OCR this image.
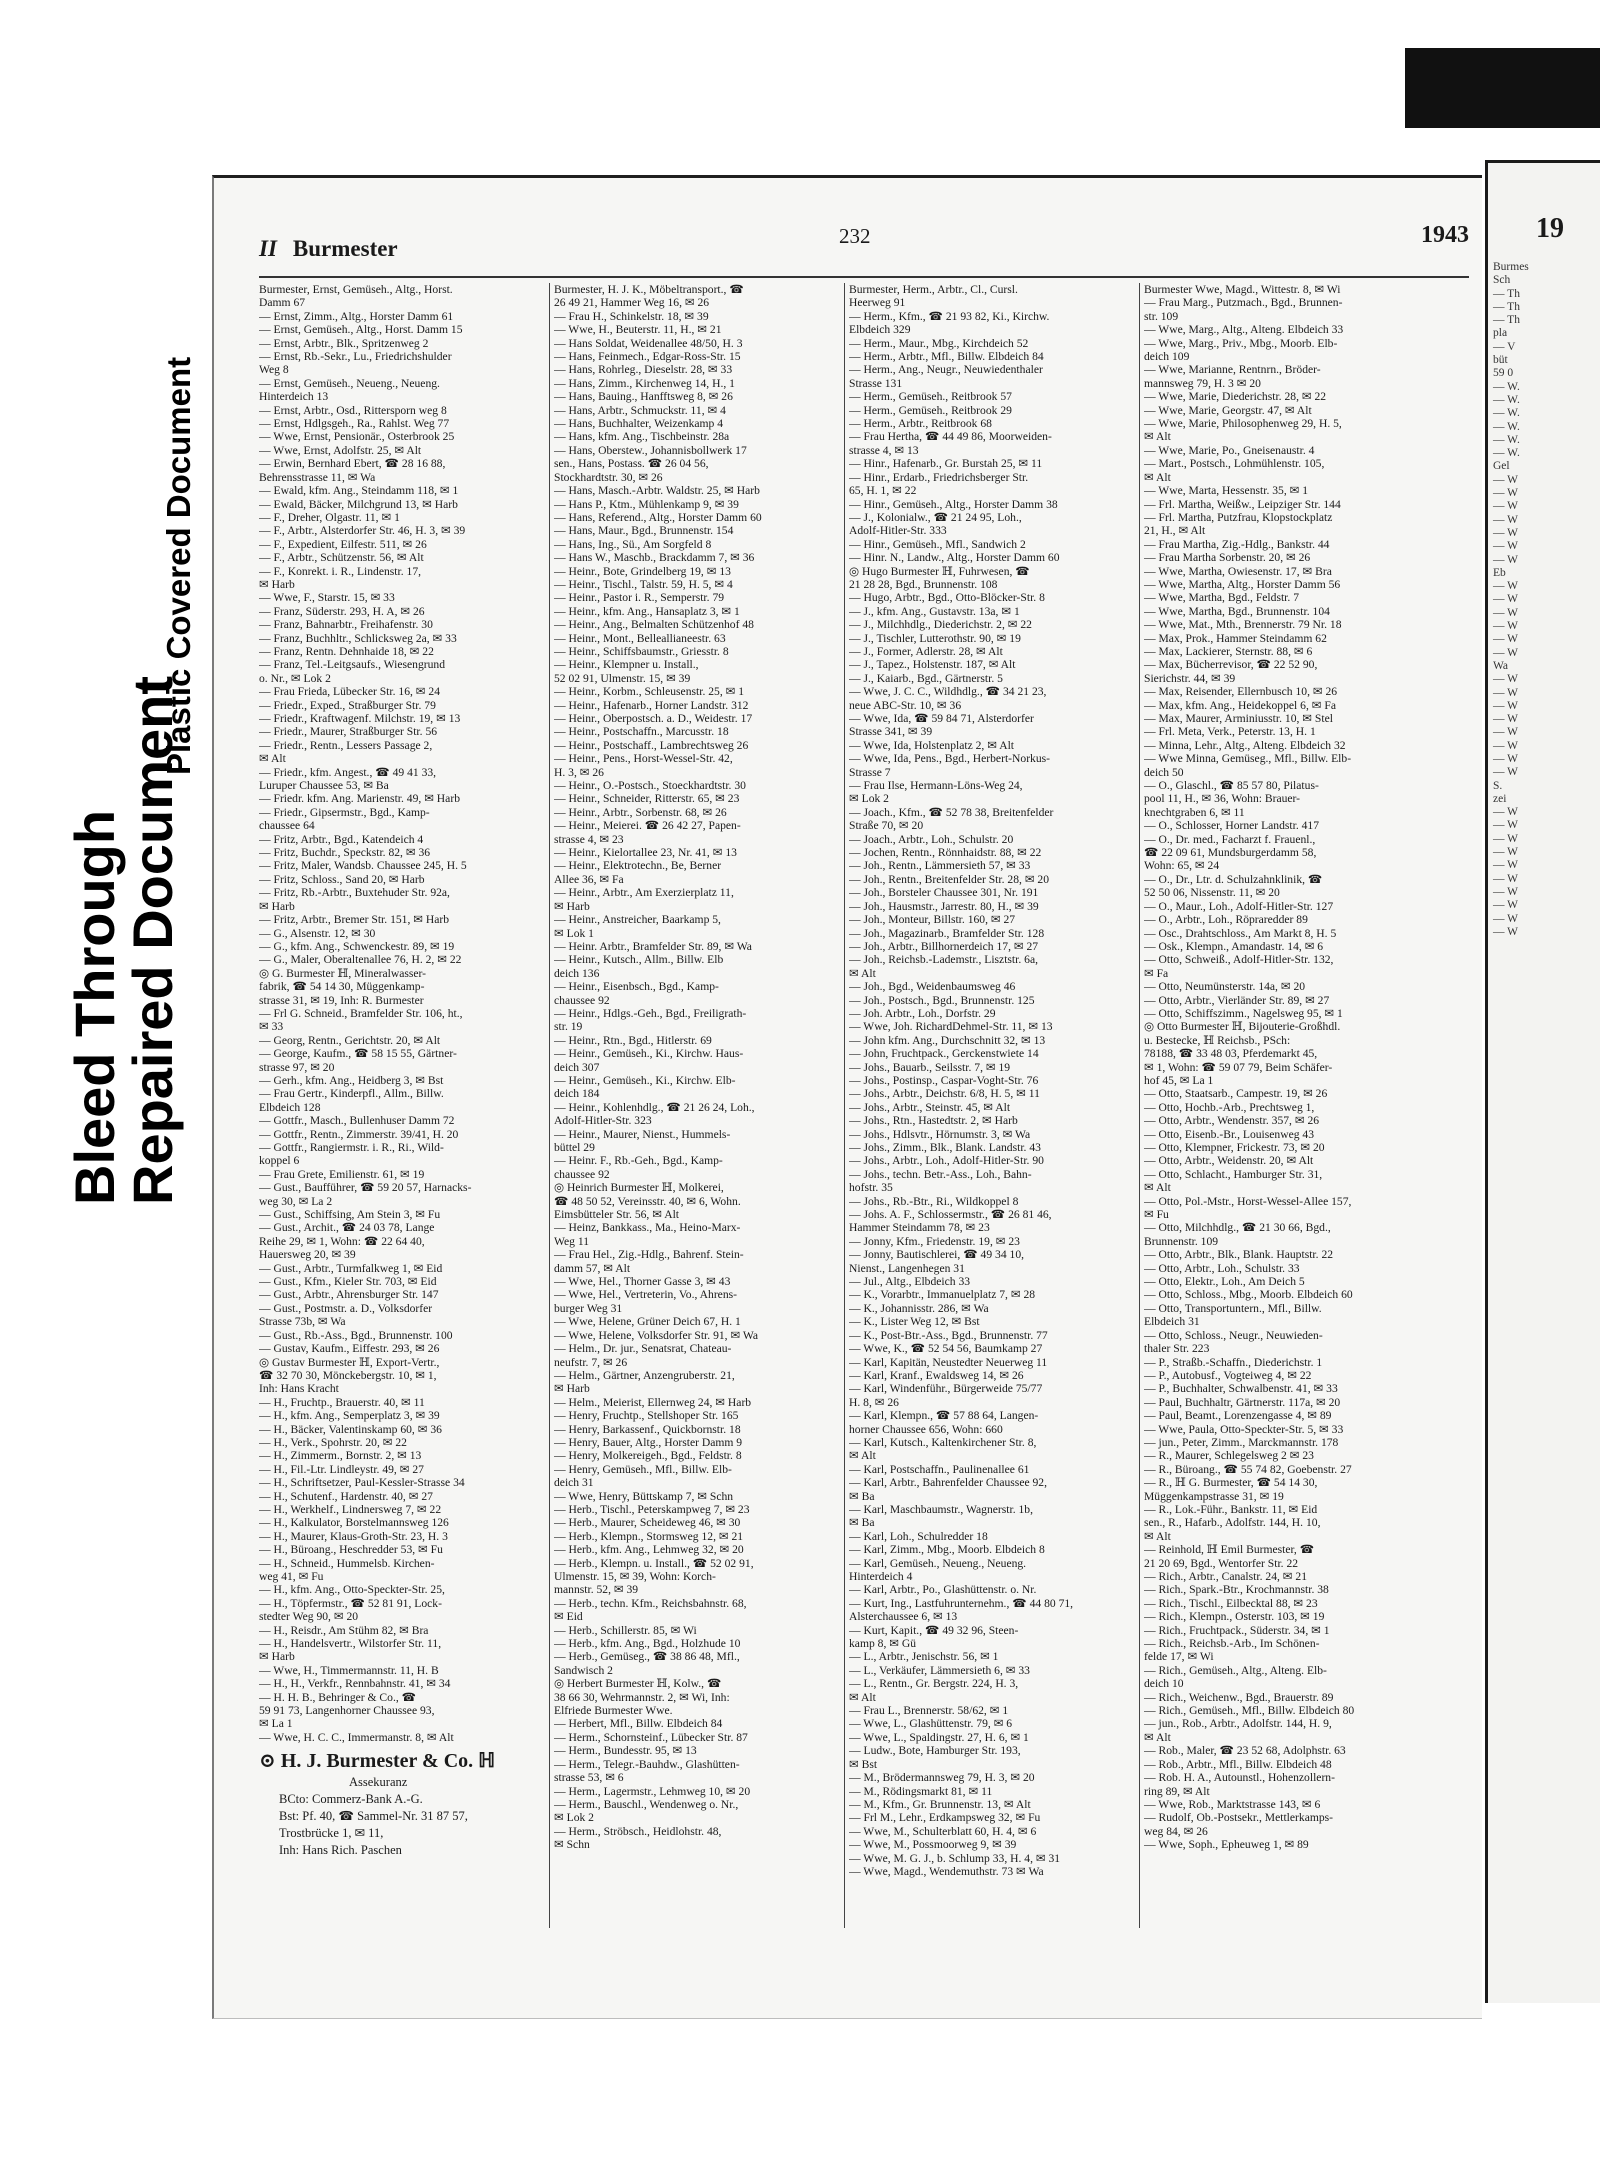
Bleed Through
Repaired Document
Plastic Covered Document
II Burmester	232	1943
Burmester, Ernst, Gemüseh., Altg., Horst.
Damm 67
— Ernst, Zimm., Altg., Horster Damm 61
— Ernst, Gemüseh., Altg., Horst. Damm 15
— Ernst, Arbtr., Blk., Spritzenweg 2
— Ernst, Rb.-Sekr., Lu., Friedrichshulder
Weg 8
— Ernst, Gemüseh., Neueng., Neueng.
Hinterdeich 13
— Ernst, Arbtr., Osd., Rittersporn weg 8
— Ernst, Hdlgsgeh., Ra., Rahlst. Weg 77
— Wwe, Ernst, Pensionär., Osterbrook 25
— Wwe, Ernst, Adolfstr. 25, ✉ Alt
— Erwin, Bernhard Ebert, ☎ 28 16 88,
Behrensstrasse 11, ✉ Wa
— Ewald, kfm. Ang., Steindamm 118, ✉ 1
— Ewald, Bäcker, Milchgrund 13, ✉ Harb
— F., Dreher, Olgastr. 11, ✉ 1
— F., Arbtr., Alsterdorfer Str. 46, H. 3, ✉ 39
— F., Expedient, Eilfestr. 511, ✉ 26
— F., Arbtr., Schützenstr. 56, ✉ Alt
— F., Konrekt. i. R., Lindenstr. 17,
✉ Harb
— Wwe, F., Starstr. 15, ✉ 33
— Franz, Süderstr. 293, H. A, ✉ 26
— Franz, Bahnarbtr., Freihafenstr. 30
— Franz, Buchhltr., Schlicksweg 2a, ✉ 33
— Franz, Rentn. Dehnhaide 18, ✉ 22
— Franz, Tel.-Leitgsaufs., Wiesengrund
o. Nr., ✉ Lok 2
— Frau Frieda, Lübecker Str. 16, ✉ 24
— Friedr., Exped., Straßburger Str. 79
— Friedr., Kraftwagenf. Milchstr. 19, ✉ 13
— Friedr., Maurer, Straßburger Str. 56
— Friedr., Rentn., Lessers Passage 2,
✉ Alt
— Friedr., kfm. Angest., ☎ 49 41 33,
Luruper Chaussee 53, ✉ Ba
— Friedr. kfm. Ang. Marienstr. 49, ✉ Harb
— Friedr., Gipsermstr., Bgd., Kamp-
chaussee 64
— Fritz, Arbtr., Bgd., Katendeich 4
— Fritz, Buchdr., Speckstr. 82, ✉ 36
— Fritz, Maler, Wandsb. Chaussee 245, H. 5
— Fritz, Schloss., Sand 20, ✉ Harb
— Fritz, Rb.-Arbtr., Buxtehuder Str. 92a,
✉ Harb
— Fritz, Arbtr., Bremer Str. 151, ✉ Harb
— G., Alsenstr. 12, ✉ 30
— G., kfm. Ang., Schwenckestr. 89, ✉ 19
— G., Maler, Oberaltenallee 76, H. 2, ✉ 22
◎ G. Burmester ℍ, Mineralwasser-
fabrik, ☎ 54 14 30, Müggenkamp-
strasse 31, ✉ 19, Inh: R. Burmester
— Frl G. Schneid., Bramfelder Str. 106, ht.,
✉ 33
— Georg, Rentn., Gerichtstr. 20, ✉ Alt
— George, Kaufm., ☎ 58 15 55, Gärtner-
strasse 97, ✉ 20
— Gerh., kfm. Ang., Heidberg 3, ✉ Bst
— Frau Gertr., Kinderpfl., Allm., Billw.
Elbdeich 128
— Gottfr., Masch., Bullenhuser Damm 72
— Gottfr., Rentn., Zimmerstr. 39/41, H. 20
— Gottfr., Rangiermstr. i. R., Ri., Wild-
koppel 6
— Frau Grete, Emilienstr. 61, ✉ 19
— Gust., Baufführer, ☎ 59 20 57, Harnacks-
weg 30, ✉ La 2
— Gust., Schiffsing, Am Stein 3, ✉ Fu
— Gust., Archit., ☎ 24 03 78, Lange
Reihe 29, ✉ 1, Wohn: ☎ 22 64 40,
Hauersweg 20, ✉ 39
— Gust., Arbtr., Turmfalkweg 1, ✉ Eid
— Gust., Kfm., Kieler Str. 703, ✉ Eid
— Gust., Arbtr., Ahrensburger Str. 147
— Gust., Postmstr. a. D., Volksdorfer
Strasse 73b, ✉ Wa
— Gust., Rb.-Ass., Bgd., Brunnenstr. 100
— Gustav, Kaufm., Eiffestr. 293, ✉ 26
◎ Gustav Burmester ℍ, Export-Vertr.,
☎ 32 70 30, Mönckebergstr. 10, ✉ 1,
Inh: Hans Kracht
— H., Fruchtp., Brauerstr. 40, ✉ 11
— H., kfm. Ang., Semperplatz 3, ✉ 39
— H., Bäcker, Valentinskamp 60, ✉ 36
— H., Verk., Spohrstr. 20, ✉ 22
— H., Zimmerm., Bornstr. 2, ✉ 13
— H., Fil.-Ltr. Lindleystr. 49, ✉ 27
— H., Schriftsetzer, Paul-Kessler-Strasse 34
— H., Schutenf., Hardenstr. 40, ✉ 27
— H., Werkhelf., Lindnersweg 7, ✉ 22
— H., Kalkulator, Borstelmannsweg 126
— H., Maurer, Klaus-Groth-Str. 23, H. 3
— H., Büroang., Heschredder 53, ✉ Fu
— H., Schneid., Hummelsb. Kirchen-
weg 41, ✉ Fu
— H., kfm. Ang., Otto-Speckter-Str. 25,
— H., Töpfermstr., ☎ 52 81 91, Lock-
stedter Weg 90, ✉ 20
— H., Reisdr., Am Stühm 82, ✉ Bra
— H., Handelsvertr., Wilstorfer Str. 11,
✉ Harb
— Wwe, H., Timmermannstr. 11, H. B
— H., H., Verkfr., Rennbahnstr. 41, ✉ 34
— H. H. B., Behringer & Co., ☎
59 91 73, Langenhorner Chaussee 93,
✉ La 1
— Wwe, H. C. C., Immermanstr. 8, ✉ Alt
⊙ H. J. Burmester & Co. ℍ
Assekuranz
BCto: Commerz-Bank A.-G.
Bst: Pf. 40, ☎ Sammel-Nr. 31 87 57,
Trostbrücke 1, ✉ 11,
Inh: Hans Rich. Paschen
Burmester, H. J. K., Möbeltransport., ☎
26 49 21, Hammer Weg 16, ✉ 26
— Frau H., Schinkelstr. 18, ✉ 39
— Wwe, H., Beuterstr. 11, H., ✉ 21
— Hans Soldat, Weidenallee 48/50, H. 3
— Hans, Feinmech., Edgar-Ross-Str. 15
— Hans, Rohrleg., Dieselstr. 28, ✉ 33
— Hans, Zimm., Kirchenweg 14, H., 1
— Hans, Bauing., Hanfftsweg 8, ✉ 26
— Hans, Arbtr., Schmuckstr. 11, ✉ 4
— Hans, Buchhalter, Weizenkamp 4
— Hans, kfm. Ang., Tischbeinstr. 28a
— Hans, Oberstew., Johannisbollwerk 17
sen., Hans, Postass. ☎ 26 04 56,
Stockhardtstr. 30, ✉ 26
— Hans, Masch.-Arbtr. Waldstr. 25, ✉ Harb
— Hans P., Ktm., Mühlenkamp 9, ✉ 39
— Hans, Referend., Altg., Horster Damm 60
— Hans, Maur., Bgd., Brunnenstr. 154
— Hans, Ing., Sü., Am Sorgfeld 8
— Hans W., Maschb., Brackdamm 7, ✉ 36
— Heinr., Bote, Grindelberg 19, ✉ 13
— Heinr., Tischl., Talstr. 59, H. 5, ✉ 4
— Heinr., Pastor i. R., Semperstr. 79
— Heinr., kfm. Ang., Hansaplatz 3, ✉ 1
— Heinr., Ang., Belmalten Schützenhof 48
— Heinr., Mont., Belleallianeestr. 63
— Heinr., Schiffsbaumstr., Griesstr. 8
— Heinr., Klempner u. Install.,
52 02 91, Ulmenstr. 15, ✉ 39
— Heinr., Korbm., Schleusenstr. 25, ✉ 1
— Heinr., Hafenarb., Horner Landstr. 312
— Heinr., Oberpostsch. a. D., Weidestr. 17
— Heinr., Postschaffn., Marcusstr. 18
— Heinr., Postschaff., Lambrechtsweg 26
— Heinr., Pens., Horst-Wessel-Str. 42,
H. 3, ✉ 26
— Heinr., O.-Postsch., Stoeckhardtstr. 30
— Heinr., Schneider, Ritterstr. 65, ✉ 23
— Heinr., Arbtr., Sorbenstr. 68, ✉ 26
— Heinr., Meierei. ☎ 26 42 27, Papen-
strasse 4, ✉ 23
— Heinr., Kielortallee 23, Nr. 41, ✉ 13
— Heinr., Elektrotechn., Be, Berner
Allee 36, ✉ Fa
— Heinr., Arbtr., Am Exerzierplatz 11,
✉ Harb
— Heinr., Anstreicher, Baarkamp 5,
✉ Lok 1
— Heinr. Arbtr., Bramfelder Str. 89, ✉ Wa
— Heinr., Kutsch., Allm., Billw. Elb
deich 136
— Heinr., Eisenbsch., Bgd., Kamp-
chaussee 92
— Heinr., Hdlgs.-Geh., Bgd., Freiligrath-
str. 19
— Heinr., Rtn., Bgd., Hitlerstr. 69
— Heinr., Gemüseh., Ki., Kirchw. Haus-
deich 307
— Heinr., Gemüseh., Ki., Kirchw. Elb-
deich 184
— Heinr., Kohlenhdlg., ☎ 21 26 24, Loh.,
Adolf-Hitler-Str. 323
— Heinr., Maurer, Nienst., Hummels-
büttel 29
— Heinr. F., Rb.-Geh., Bgd., Kamp-
chaussee 92
◎ Heinrich Burmester ℍ, Molkerei,
☎ 48 50 52, Vereinsstr. 40, ✉ 6, Wohn.
Eimsbütteler Str. 56, ✉ Alt
— Heinz, Bankkass., Ma., Heino-Marx-
Weg 11
— Frau Hel., Zig.-Hdlg., Bahrenf. Stein-
damm 57, ✉ Alt
— Wwe, Hel., Thorner Gasse 3, ✉ 43
— Wwe, Hel., Vertreterin, Vo., Ahrens-
burger Weg 31
— Wwe, Helene, Grüner Deich 67, H. 1
— Wwe, Helene, Volksdorfer Str. 91, ✉ Wa
— Helm., Dr. jur., Senatsrat, Chateau-
neufstr. 7, ✉ 26
— Helm., Gärtner, Anzengruberstr. 21,
✉ Harb
— Helm., Meierist, Ellernweg 24, ✉ Harb
— Henry, Fruchtp., Stellshoper Str. 165
— Henry, Barkassenf., Quickbornstr. 18
— Henry, Bauer, Altg., Horster Damm 9
— Henry, Molkereigeh., Bgd., Feldstr. 8
— Henry, Gemüseh., Mfl., Billw. Elb-
deich 31
— Wwe, Henry, Büttskamp 7, ✉ Schn
— Herb., Tischl., Peterskampweg 7, ✉ 23
— Herb., Maurer, Scheideweg 46, ✉ 30
— Herb., Klempn., Stormsweg 12, ✉ 21
— Herb., kfm. Ang., Lehmweg 32, ✉ 20
— Herb., Klempn. u. Install., ☎ 52 02 91,
Ulmenstr. 15, ✉ 39, Wohn: Korch-
mannstr. 52, ✉ 39
— Herb., techn. Kfm., Reichsbahnstr. 68,
✉ Eid
— Herb., Schillerstr. 85, ✉ Wi
— Herb., kfm. Ang., Bgd., Holzhude 10
— Herb., Gemüseg., ☎ 38 86 48, Mfl.,
Sandwisch 2
◎ Herbert Burmester ℍ, Kolw., ☎
38 66 30, Wehrmannstr. 2, ✉ Wi, Inh:
Elfriede Burmester Wwe.
— Herbert, Mfl., Billw. Elbdeich 84
— Herm., Schornsteinf., Lübecker Str. 87
— Herm., Bundesstr. 95, ✉ 13
— Herm., Telegr.-Bauhdw., Glashütten-
strasse 53, ✉ 6
— Herm., Lagermstr., Lehmweg 10, ✉ 20
— Herm., Bauschl., Wendenweg o. Nr.,
✉ Lok 2
— Herm., Ströbsch., Heidlohstr. 48,
✉ Schn
Burmester, Herm., Arbtr., Cl., Cursl.
Heerweg 91
— Herm., Kfm., ☎ 21 93 82, Ki., Kirchw.
Elbdeich 329
— Herm., Maur., Mbg., Kirchdeich 52
— Herm., Arbtr., Mfl., Billw. Elbdeich 84
— Herm., Ang., Neugr., Neuwiedenthaler
Strasse 131
— Herm., Gemüseh., Reitbrook 57
— Herm., Gemüseh., Reitbrook 29
— Herm., Arbtr., Reitbrook 68
— Frau Hertha, ☎ 44 49 86, Moorweiden-
strasse 4, ✉ 13
— Hinr., Hafenarb., Gr. Burstah 25, ✉ 11
— Hinr., Erdarb., Friedrichsberger Str.
65, H. 1, ✉ 22
— Hinr., Gemüseh., Altg., Horster Damm 38
— J., Kolonialw., ☎ 21 24 95, Loh.,
Adolf-Hitler-Str. 333
— Hinr., Gemüseh., Mfl., Sandwich 2
— Hinr. N., Landw., Altg., Horster Damm 60
◎ Hugo Burmester ℍ, Fuhrwesen, ☎
21 28 28, Bgd., Brunnenstr. 108
— Hugo, Arbtr., Bgd., Otto-Blöcker-Str. 8
— J., kfm. Ang., Gustavstr. 13a, ✉ 1
— J., Milchhdlg., Diederichstr. 2, ✉ 22
— J., Tischler, Lutterothstr. 90, ✉ 19
— J., Former, Adlerstr. 28, ✉ Alt
— J., Tapez., Holstenstr. 187, ✉ Alt
— J., Kaiarb., Bgd., Gärtnerstr. 5
— Wwe, J. C. C., Wildhdlg., ☎ 34 21 23,
neue ABC-Str. 10, ✉ 36
— Wwe, Ida, ☎ 59 84 71, Alsterdorfer
Strasse 341, ✉ 39
— Wwe, Ida, Holstenplatz 2, ✉ Alt
— Wwe, Ida, Pens., Bgd., Herbert-Norkus-
Strasse 7
— Frau Ilse, Hermann-Löns-Weg 24,
✉ Lok 2
— Joach., Kfm., ☎ 52 78 38, Breitenfelder
Straße 70, ✉ 20
— Joach., Arbtr., Loh., Schulstr. 20
— Jochen, Rentn., Rönnhaidstr. 88, ✉ 22
— Joh., Rentn., Lämmersieth 57, ✉ 33
— Joh., Rentn., Breitenfelder Str. 28, ✉ 20
— Joh., Borsteler Chaussee 301, Nr. 191
— Joh., Hausmstr., Jarrestr. 80, H., ✉ 39
— Joh., Monteur, Billstr. 160, ✉ 27
— Joh., Magazinarb., Bramfelder Str. 128
— Joh., Arbtr., Billhornerdeich 17, ✉ 27
— Joh., Reichsb.-Lademstr., Lisztstr. 6a,
✉ Alt
— Joh., Bgd., Weidenbaumsweg 46
— Joh., Postsch., Bgd., Brunnenstr. 125
— Joh. Arbtr., Loh., Dorfstr. 29
— Wwe, Joh. RichardDehmel-Str. 11, ✉ 13
— John kfm. Ang., Durchschnitt 32, ✉ 13
— John, Fruchtpack., Gerckenstwiete 14
— Johs., Bauarb., Seilsstr. 7, ✉ 19
— Johs., Postinsp., Caspar-Voght-Str. 76
— Johs., Arbtr., Deichstr. 6/8, H. 5, ✉ 11
— Johs., Arbtr., Steinstr. 45, ✉ Alt
— Johs., Rtn., Hastedtstr. 2, ✉ Harb
— Johs., Hdlsvtr., Hörnumstr. 3, ✉ Wa
— Johs., Zimm., Blk., Blank. Landstr. 43
— Johs., Arbtr., Loh., Adolf-Hitler-Str. 90
— Johs., techn. Betr.-Ass., Loh., Bahn-
hofstr. 35
— Johs., Rb.-Btr., Ri., Wildkoppel 8
— Johs. A. F., Schlossermstr., ☎ 26 81 46,
Hammer Steindamm 78, ✉ 23
— Jonny, Kfm., Friedenstr. 19, ✉ 23
— Jonny, Bautischlerei, ☎ 49 34 10,
Nienst., Langenhegen 31
— Jul., Altg., Elbdeich 33
— K., Vorarbtr., Immanuelplatz 7, ✉ 28
— K., Johannisstr. 286, ✉ Wa
— K., Lister Weg 12, ✉ Bst
— K., Post-Btr.-Ass., Bgd., Brunnenstr. 77
— Wwe, K., ☎ 52 54 56, Baumkamp 27
— Karl, Kapitän, Neustedter Neuerweg 11
— Karl, Kranf., Ewaldsweg 14, ✉ 26
— Karl, Windenführ., Bürgerweide 75/77
H. 8, ✉ 26
— Karl, Klempn., ☎ 57 88 64, Langen-
horner Chaussee 656, Wohn: 660
— Karl, Kutsch., Kaltenkirchener Str. 8,
✉ Alt
— Karl, Postschaffn., Paulinenallee 61
— Karl, Arbtr., Bahrenfelder Chaussee 92,
✉ Ba
— Karl, Maschbaumstr., Wagnerstr. 1b,
✉ Ba
— Karl, Loh., Schulredder 18
— Karl, Zimm., Mbg., Moorb. Elbdeich 8
— Karl, Gemüseh., Neueng., Neueng.
Hinterdeich 4
— Karl, Arbtr., Po., Glashüttenstr. o. Nr.
— Kurt, Ing., Lastfuhrunternehm., ☎ 44 80 71,
Alsterchaussee 6, ✉ 13
— Kurt, Kapit., ☎ 49 32 96, Steen-
kamp 8, ✉ Gü
— L., Arbtr., Jenischstr. 56, ✉ 1
— L., Verkäufer, Lämmersieth 6, ✉ 33
— L., Rentn., Gr. Bergstr. 224, H. 3,
✉ Alt
— Frau L., Brennerstr. 58/62, ✉ 1
— Wwe, L., Glashüttenstr. 79, ✉ 6
— Wwe, L., Spaldingstr. 27, H. 6, ✉ 1
— Ludw., Bote, Hamburger Str. 193,
✉ Bst
— M., Brödermannsweg 79, H. 3, ✉ 20
— M., Rödingsmarkt 81, ✉ 11
— M., Kfm., Gr. Brunnenstr. 13, ✉ Alt
— Frl M., Lehr., Erdkampsweg 32, ✉ Fu
— Wwe, M., Schulterblatt 60, H. 4, ✉ 6
— Wwe, M., Possmoorweg 9, ✉ 39
— Wwe, M. G. J., b. Schlump 33, H. 4, ✉ 31
— Wwe, Magd., Wendemuthstr. 73 ✉ Wa
Burmester Wwe, Magd., Wittestr. 8, ✉ Wi
— Frau Marg., Putzmach., Bgd., Brunnen-
str. 109
— Wwe, Marg., Altg., Alteng. Elbdeich 33
— Wwe, Marg., Priv., Mbg., Moorb. Elb-
deich 109
— Wwe, Marianne, Rentnrn., Bröder-
mannsweg 79, H. 3 ✉ 20
— Wwe, Marie, Diederichstr. 28, ✉ 22
— Wwe, Marie, Georgstr. 47, ✉ Alt
— Wwe, Marie, Philosophenweg 29, H. 5,
✉ Alt
— Wwe, Marie, Po., Gneisenaustr. 4
— Mart., Postsch., Lohmühlenstr. 105,
✉ Alt
— Wwe, Marta, Hessenstr. 35, ✉ 1
— Frl. Martha, Weißw., Leipziger Str. 144
— Frl. Martha, Putzfrau, Klopstockplatz
21, H., ✉ Alt
— Frau Martha, Zig.-Hdlg., Bankstr. 44
— Frau Martha Sorbenstr. 20, ✉ 26
— Wwe, Martha, Owiesenstr. 17, ✉ Bra
— Wwe, Martha, Altg., Horster Damm 56
— Wwe, Martha, Bgd., Feldstr. 7
— Wwe, Martha, Bgd., Brunnenstr. 104
— Wwe, Mat., Mth., Brennerstr. 79 Nr. 18
— Max, Prok., Hammer Steindamm 62
— Max, Lackierer, Sternstr. 88, ✉ 6
— Max, Bücherrevisor, ☎ 22 52 90,
Sierichstr. 44, ✉ 39
— Max, Reisender, Ellernbusch 10, ✉ 26
— Max, kfm. Ang., Heidekoppel 6, ✉ Fa
— Max, Maurer, Arminiusstr. 10, ✉ Stel
— Frl. Meta, Verk., Peterstr. 13, H. 1
— Minna, Lehr., Altg., Alteng. Elbdeich 32
— Wwe Minna, Gemüseg., Mfl., Billw. Elb-
deich 50
— O., Glaschl., ☎ 85 57 80, Pilatus-
pool 11, H., ✉ 36, Wohn: Brauer-
knechtgraben 6, ✉ 11
— O., Schlosser, Horner Landstr. 417
— O., Dr. med., Facharzt f. Frauenl.,
☎ 22 09 61, Mundsburgerdamm 58,
Wohn: 65, ✉ 24
— O., Dr., Ltr. d. Schulzahnklinik, ☎
52 50 06, Nissenstr. 11, ✉ 20
— O., Maur., Loh., Adolf-Hitler-Str. 127
— O., Arbtr., Loh., Röpraredder 89
— Osc., Drahtschloss., Am Markt 8, H. 5
— Osk., Klempn., Amandastr. 14, ✉ 6
— Otto, Schweiß., Adolf-Hitler-Str. 132,
✉ Fa
— Otto, Neumünsterstr. 14a, ✉ 20
— Otto, Arbtr., Vierländer Str. 89, ✉ 27
— Otto, Schiffszimm., Nagelsweg 95, ✉ 1
◎ Otto Burmester ℍ, Bijouterie-Großhdl.
u. Bestecke, ℍ Reichsb., PSch:
78188, ☎ 33 48 03, Pferdemarkt 45,
✉ 1, Wohn: ☎ 59 07 79, Beim Schäfer-
hof 45, ✉ La 1
— Otto, Staatsarb., Campestr. 19, ✉ 26
— Otto, Hochb.-Arb., Prechtsweg 1,
— Otto, Arbtr., Wendenstr. 357, ✉ 26
— Otto, Eisenb.-Br., Louisenweg 43
— Otto, Klempner, Frickestr. 73, ✉ 20
— Otto, Arbtr., Weidenstr. 20, ✉ Alt
— Otto, Schlacht., Hamburger Str. 31,
✉ Alt
— Otto, Pol.-Mstr., Horst-Wessel-Allee 157,
✉ Fu
— Otto, Milchhdlg., ☎ 21 30 66, Bgd.,
Brunnenstr. 109
— Otto, Arbtr., Blk., Blank. Hauptstr. 22
— Otto, Arbtr., Loh., Schulstr. 33
— Otto, Elektr., Loh., Am Deich 5
— Otto, Schloss., Mbg., Moorb. Elbdeich 60
— Otto, Transportuntern., Mfl., Billw.
Elbdeich 31
— Otto, Schloss., Neugr., Neuwieden-
thaler Str. 223
— P., Straßb.-Schaffn., Diederichstr. 1
— P., Autobusf., Vogteiweg 4, ✉ 22
— P., Buchhalter, Schwalbenstr. 41, ✉ 33
— Paul, Buchhaltr, Gärtnerstr. 117a, ✉ 20
— Paul, Beamt., Lorenzengasse 4, ✉ 89
— Wwe, Paula, Otto-Speckter-Str. 5, ✉ 33
— jun., Peter, Zimm., Marckmannstr. 178
— R., Maurer, Schlegelsweg 2 ✉ 23
— R., Büroang., ☎ 55 74 82, Goebenstr. 27
— R., ℍ G. Burmester, ☎ 54 14 30,
Müggenkampstrasse 31, ✉ 19
— R., Lok.-Führ., Bankstr. 11, ✉ Eid
sen., R., Hafarb., Adolfstr. 144, H. 10,
✉ Alt
— Reinhold, ℍ Emil Burmester, ☎
21 20 69, Bgd., Wentorfer Str. 22
— Rich., Arbtr., Canalstr. 24, ✉ 21
— Rich., Spark.-Btr., Krochmannstr. 38
— Rich., Tischl., Eilbecktal 88, ✉ 23
— Rich., Klempn., Osterstr. 103, ✉ 19
— Rich., Fruchtpack., Süderstr. 34, ✉ 1
— Rich., Reichsb.-Arb., Im Schönen-
felde 17, ✉ Wi
— Rich., Gemüseh., Altg., Alteng. Elb-
deich 10
— Rich., Weichenw., Bgd., Brauerstr. 89
— Rich., Gemüseh., Mfl., Billw. Elbdeich 80
— jun., Rob., Arbtr., Adolfstr. 144, H. 9,
✉ Alt
— Rob., Maler, ☎ 23 52 68, Adolphstr. 63
— Rob., Arbtr., Mfl., Billw. Elbdeich 48
— Rob. H. A., Autounstl., Hohenzollern-
ring 89, ✉ Alt
— Wwe, Rob., Marktstrasse 143, ✉ 6
— Rudolf, Ob.-Postsekr., Mettlerkamps-
weg 84, ✉ 26
— Wwe, Soph., Epheuweg 1, ✉ 89
19
Burmes
Sch
— Th
— Th
— Th
pla
— V
büt
59 0
— W.
— W.
— W.
— W.
— W.
— W.
Gel
— W
— W
— W
— W
— W
— W
— W
Eb
— W
— W
— W
— W
— W
— W
Wa
— W
— W
— W
— W
— W
— W
— W
— W
S.
zei
— W
— W
— W
— W
— W
— W
— W
— W
— W
— W
